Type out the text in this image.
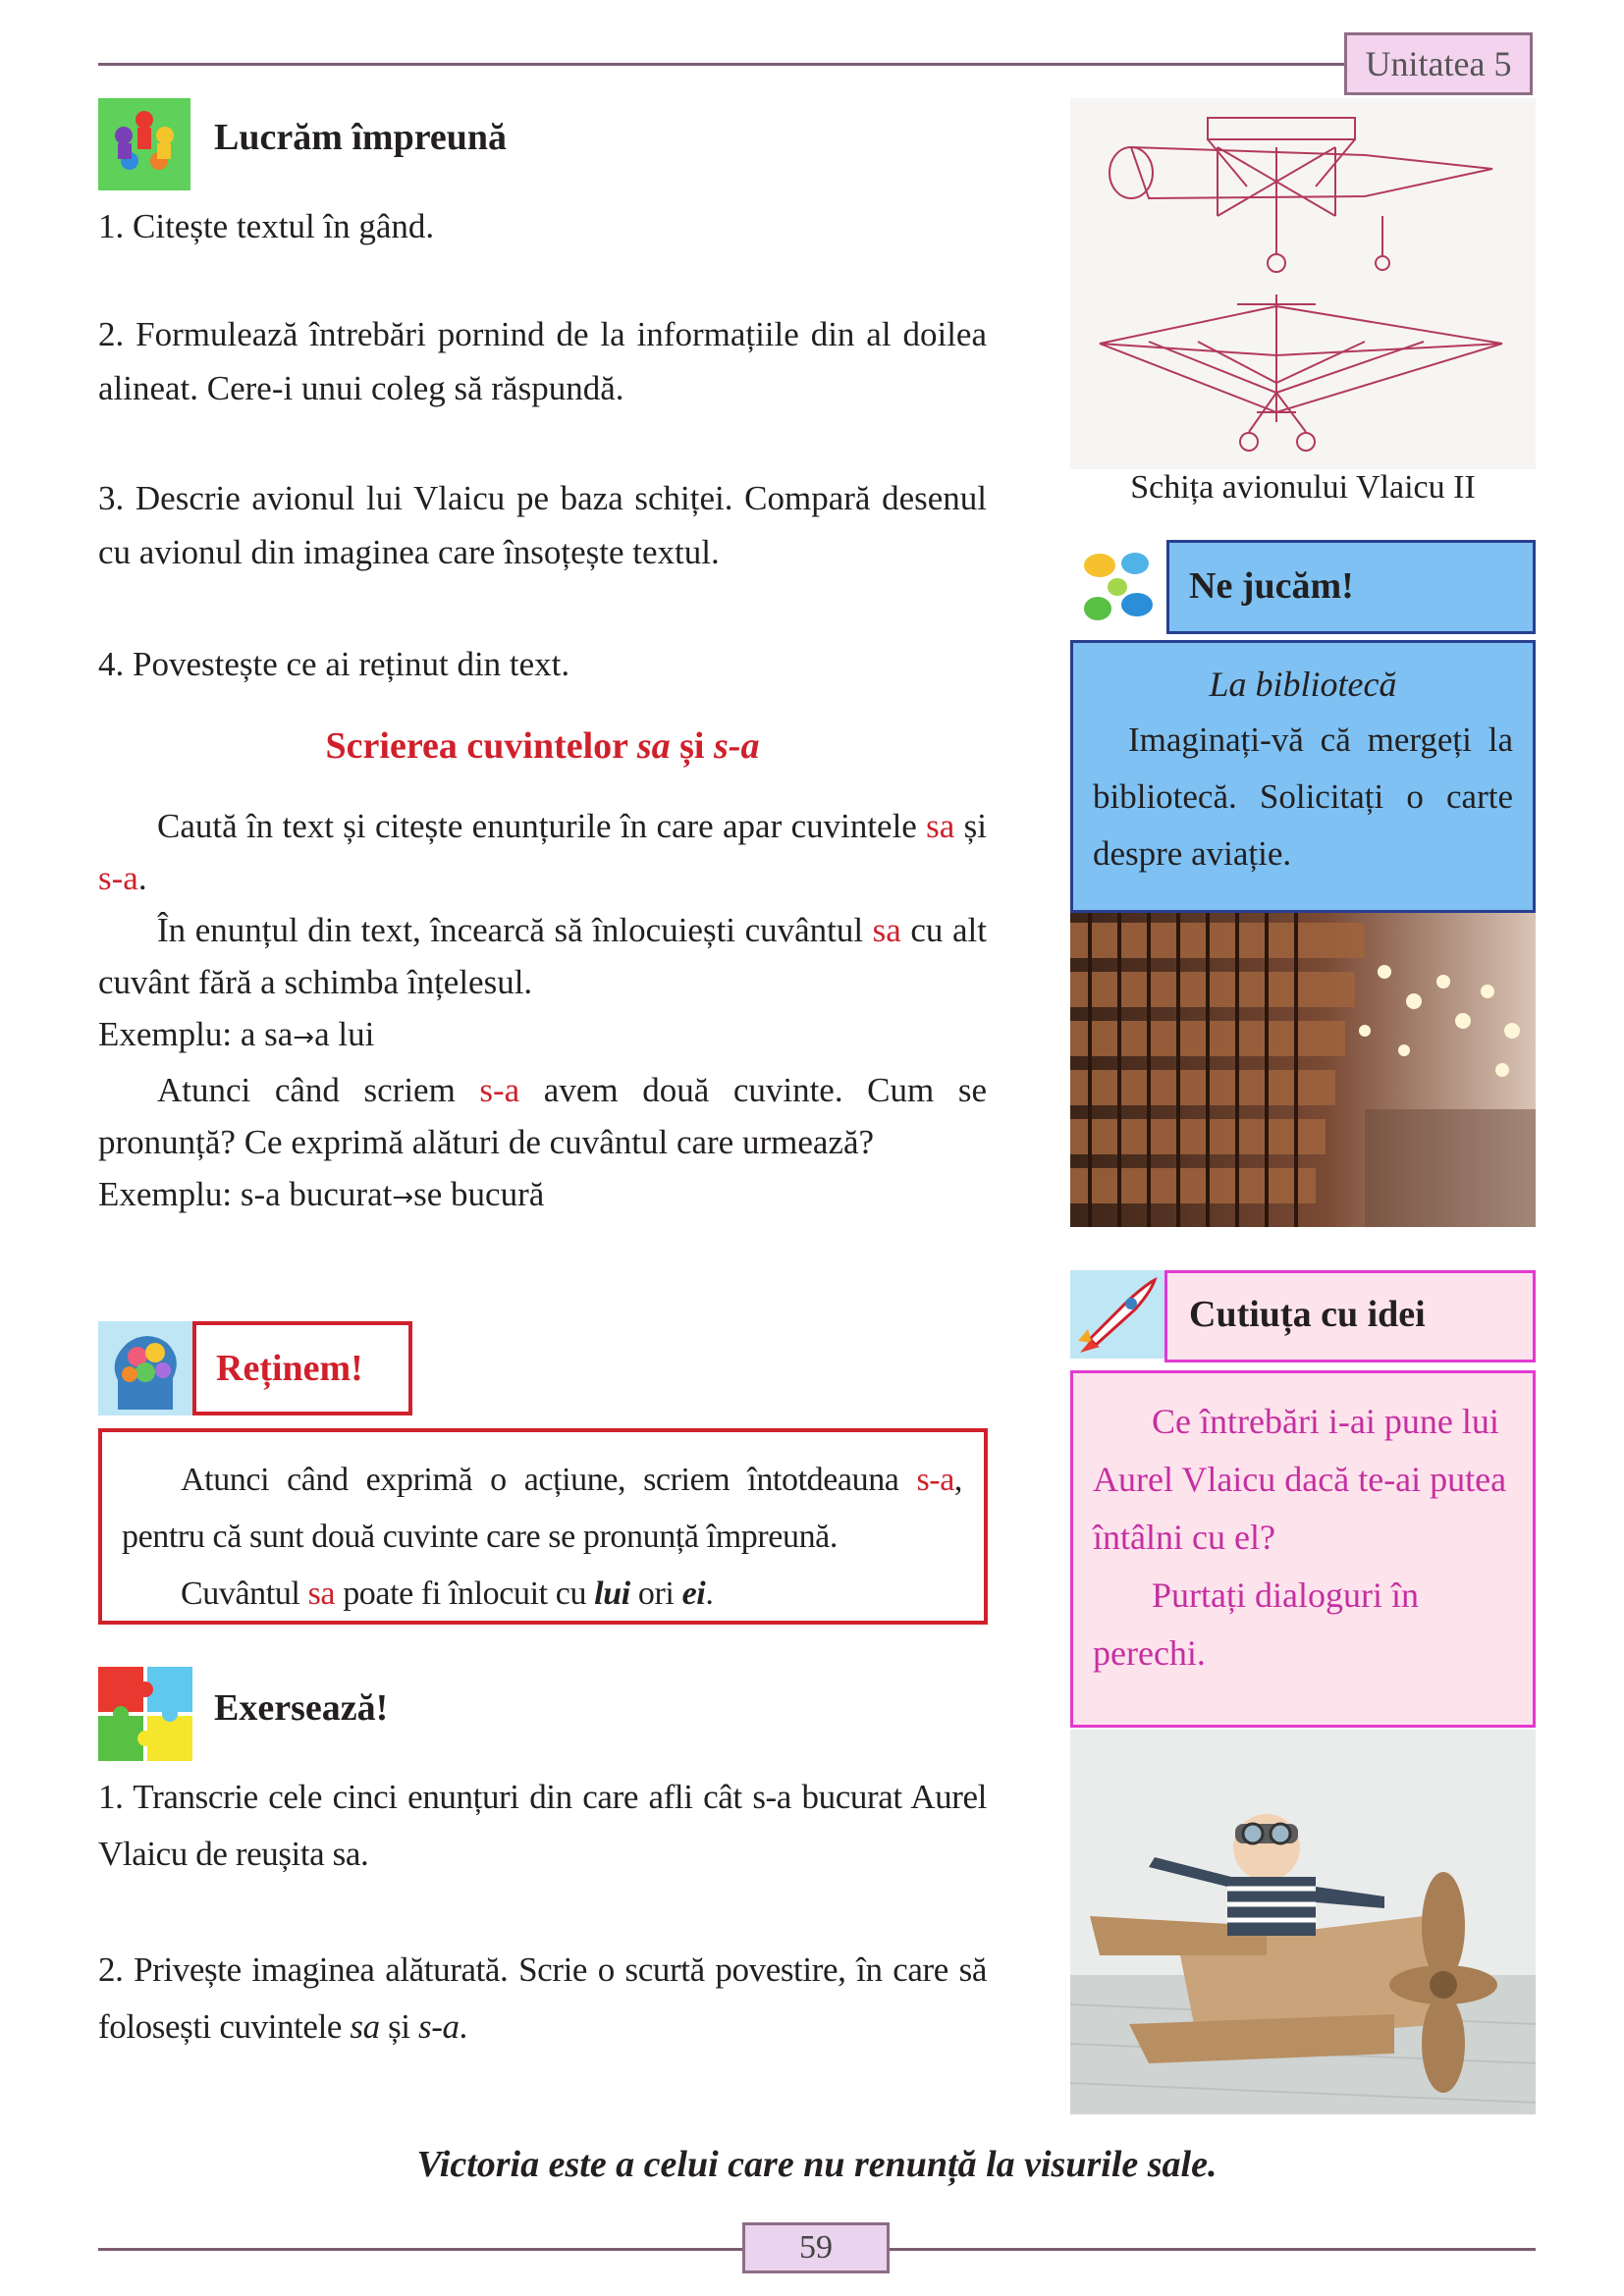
Unitatea 5
Lucrăm împreună
1. Citește textul în gând.
2. Formulează întrebări pornind de la informațiile din al doilea alineat. Cere-i unui coleg să răspundă.
3. Descrie avionul lui Vlaicu pe baza schiței. Compară desenul cu avionul din imaginea care însoțește textul.
4. Povestește ce ai reținut din text.
Scrierea cuvintelor sa și s-a
Caută în text și citește enunțurile în care apar cuvintele sa și s-a.
În enunțul din text, încearcă să înlocuiești cuvântul sa cu alt cuvânt fără a schimba înțelesul.
Exemplu: a sa→a lui
Atunci când scriem s-a avem două cuvinte. Cum se pronunță? Ce exprimă alături de cuvântul care urmează?
Exemplu: s-a bucurat→se bucură
Reținem!
Atunci când exprimă o acțiune, scriem întotdeauna s-a, pentru că sunt două cuvinte care se pronunță împreună.
Cuvântul sa poate fi înlocuit cu lui ori ei.
Exersează!
1. Transcrie cele cinci enunțuri din care afli cât s-a bucurat Aurel Vlaicu de reușita sa.
2. Privește imaginea alăturată. Scrie o scurtă povestire, în care să folosești cuvintele sa și s-a.
Schița avionului Vlaicu II
Ne jucăm!
La bibliotecă
Imaginați-vă că mergeți la bibliotecă. Solicitați o carte despre aviație.
Cutiuța cu idei
Ce întrebări i-ai pune lui Aurel Vlaicu dacă te-ai putea întâlni cu el?
Purtați dialoguri în perechi.
Victoria este a celui care nu renunță la visurile sale.
59
